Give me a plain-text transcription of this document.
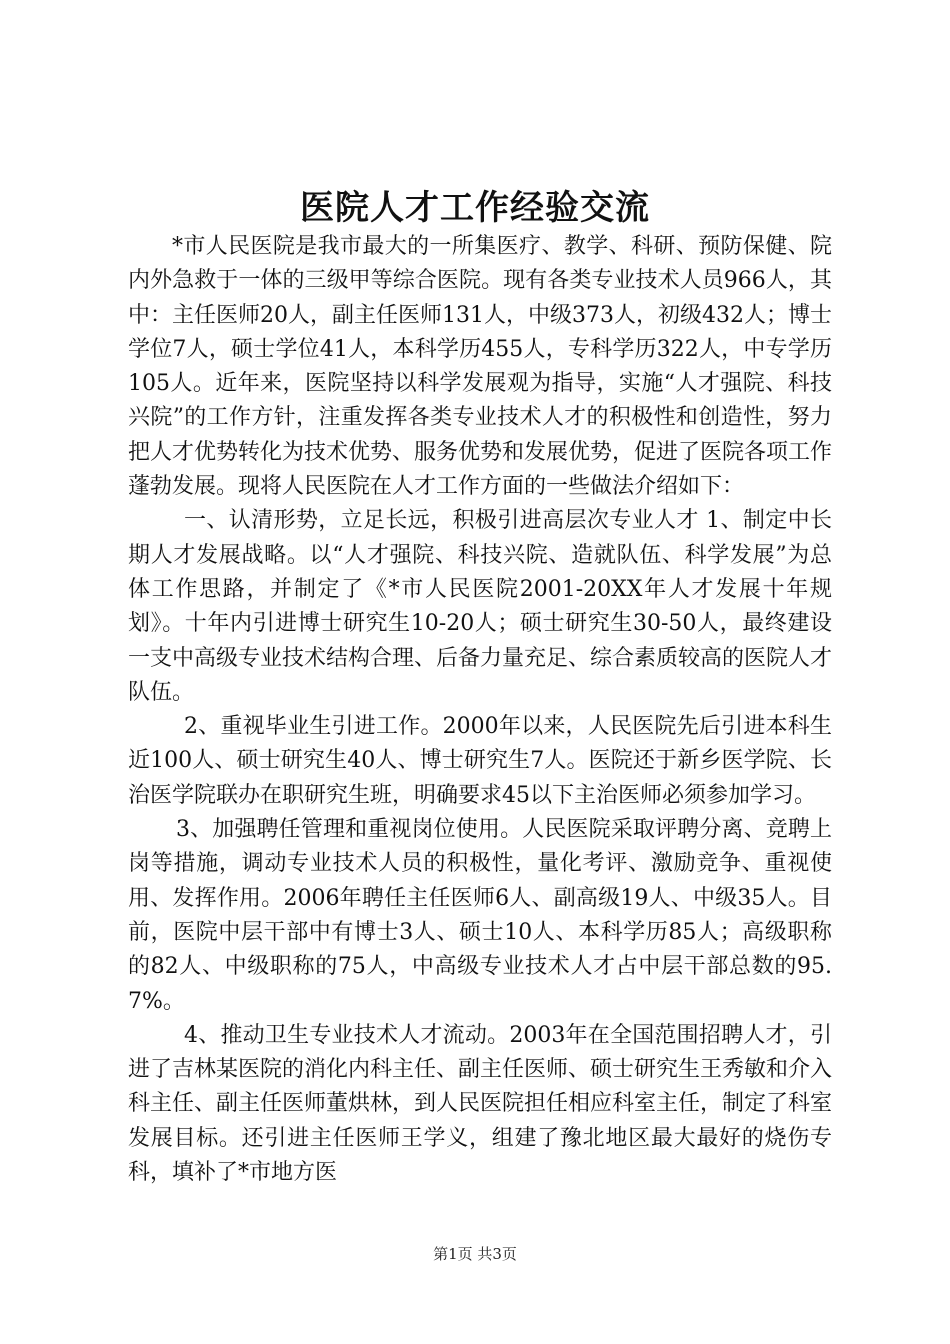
医院人才工作经验交流

*市人民医院是我市最大的一所集医疗、教学、科研、预防保健、院内外急救于一体的三级甲等综合医院。现有各类专业技术人员966人，其中：主任医师20人，副主任医师131人，中级373人，初级432人；博士学位7人，硕士学位41人，本科学历455人，专科学历322人，中专学历105人。近年来，医院坚持以科学发展观为指导，实施“人才强院、科技兴院”的工作方针，注重发挥各类专业技术人才的积极性和创造性，努力把人才优势转化为技术优势、服务优势和发展优势，促进了医院各项工作蓬勃发展。现将人民医院在人才工作方面的一些做法介绍如下：

一、认清形势，立足长远，积极引进高层次专业人才 1、制定中长期人才发展战略。以“人才强院、科技兴院、造就队伍、科学发展”为总体工作思路，并制定了《*市人民医院2001-20XX年人才发展十年规划》。十年内引进博士研究生10-20人；硕士研究生30-50人，最终建设一支中高级专业技术结构合理、后备力量充足、综合素质较高的医院人才队伍。

2、重视毕业生引进工作。2000年以来，人民医院先后引进本科生近100人、硕士研究生40人、博士研究生7人。医院还于新乡医学院、长治医学院联办在职研究生班，明确要求45以下主治医师必须参加学习。

3、加强聘任管理和重视岗位使用。人民医院采取评聘分离、竞聘上岗等措施，调动专业技术人员的积极性，量化考评、激励竞争、重视使用、发挥作用。2006年聘任主任医师6人、副高级19人、中级35人。目前，医院中层干部中有博士3人、硕士10人、本科学历85人；高级职称的82人、中级职称的75人，中高级专业技术人才占中层干部总数的95.7%。

4、推动卫生专业技术人才流动。2003年在全国范围招聘人才，引进了吉林某医院的消化内科主任、副主任医师、硕士研究生王秀敏和介入科主任、副主任医师董烘林，到人民医院担任相应科室主任，制定了科室发展目标。还引进主任医师王学义，组建了豫北地区最大最好的烧伤专科，填补了*市地方医

第1页 共3页
